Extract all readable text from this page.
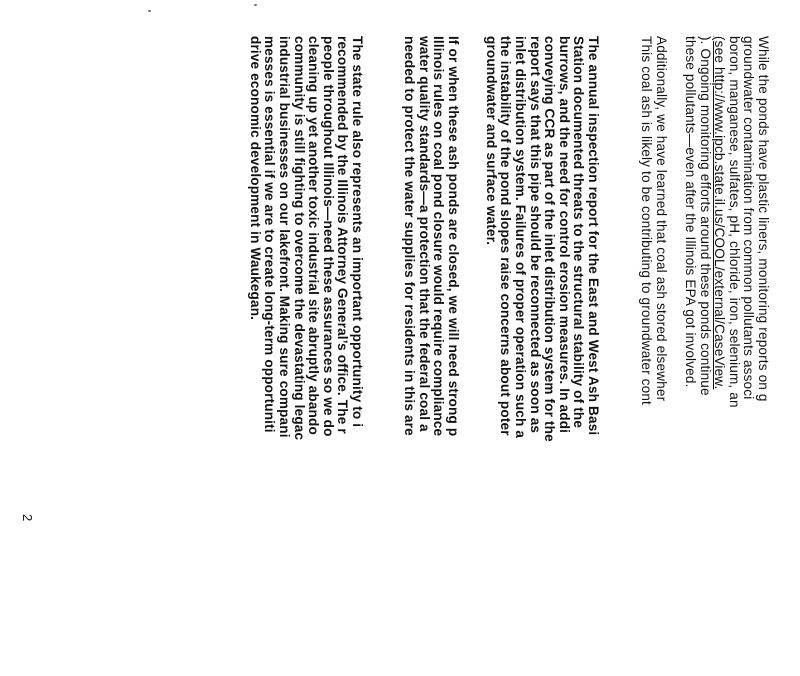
While the ponds have plastic liners, monitoring reports on g
groundwater contamination from common pollutants associ
boron, manganese, sulfates, pH, chloride, iron, selenium, an
(see http://www.ipcb.state.il.us/COOL/external/CaseView.
). Ongoing monitoring efforts around these ponds continue
these pollutants—even after the Illinois EPA got involved.
Additionally, we have learned that coal ash stored elsewher
This coal ash is likely to be contributing to groundwater cont
The annual inspection report for the East and West Ash Basi
Station documented threats to the structural stability of the
burrows, and the need for control erosion measures. In addi
conveying CCR as part of the inlet distribution system for the
report says that this pipe should be reconnected as soon as
inlet distribution system. Failures of proper operation such a
the instability of the pond slopes raise concerns about poter
groundwater and surface water.
If or when these ash ponds are closed, we will need strong p
Illinois rules on coal pond closure would require compliance
water quality standards—a protection that the federal coal a
needed to protect the water supplies for residents in this are
The state rule also represents an important opportunity to i
recommended by the Illinois Attorney General’s office. The r
people throughout Illinois—need these assurances so we do
cleaning up yet another toxic industrial site abruptly abando
community is still fighting to overcome the devastating legac
industrial businesses on our lakefront. Making sure compani
messes is essential if we are to create long-term opportuniti
drive economic development in Waukegan.
2
